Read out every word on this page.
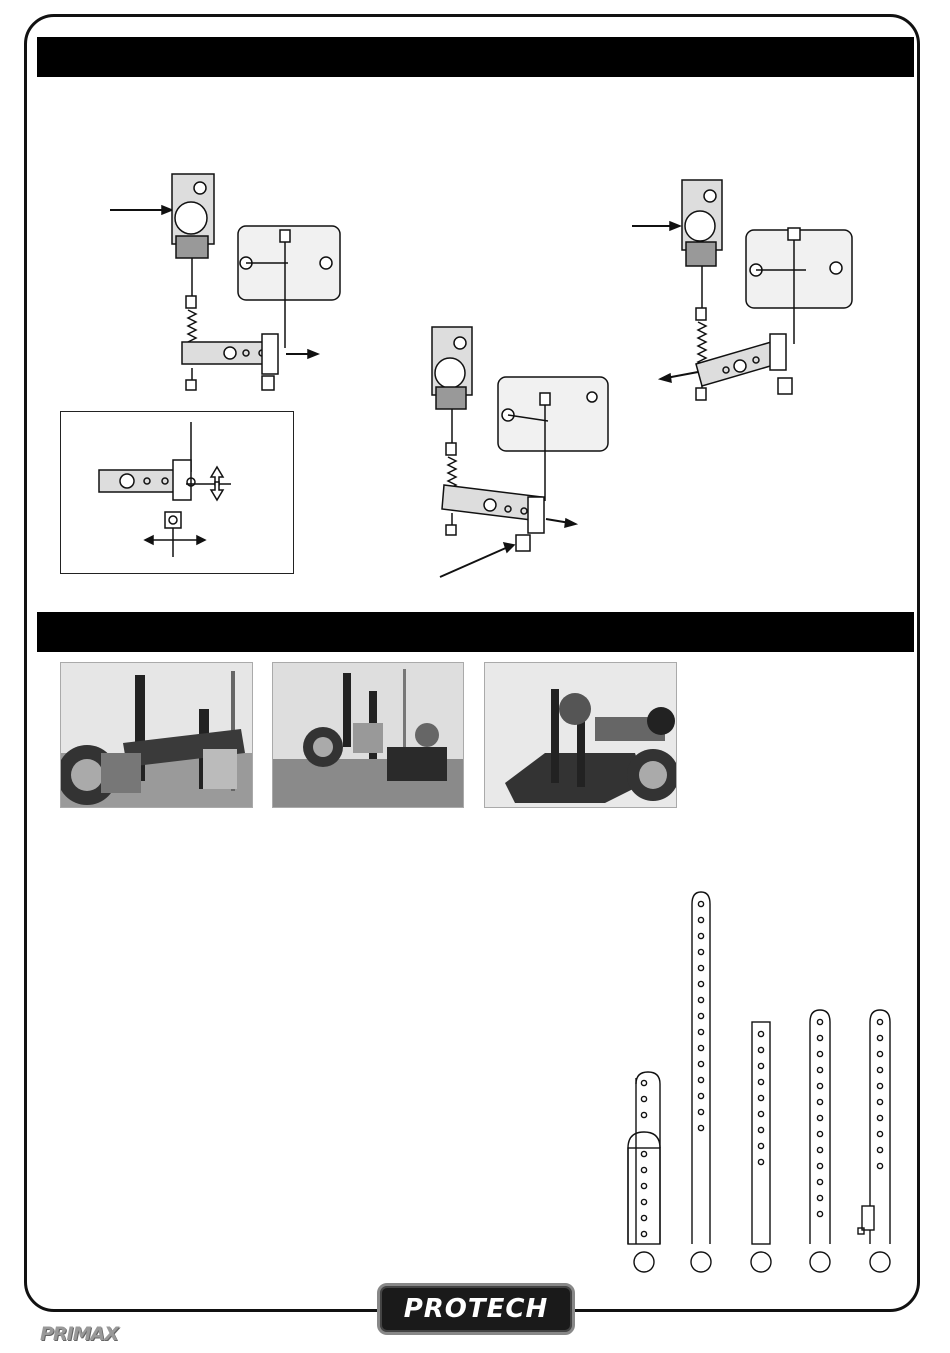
PROTECH
PRIMAX
